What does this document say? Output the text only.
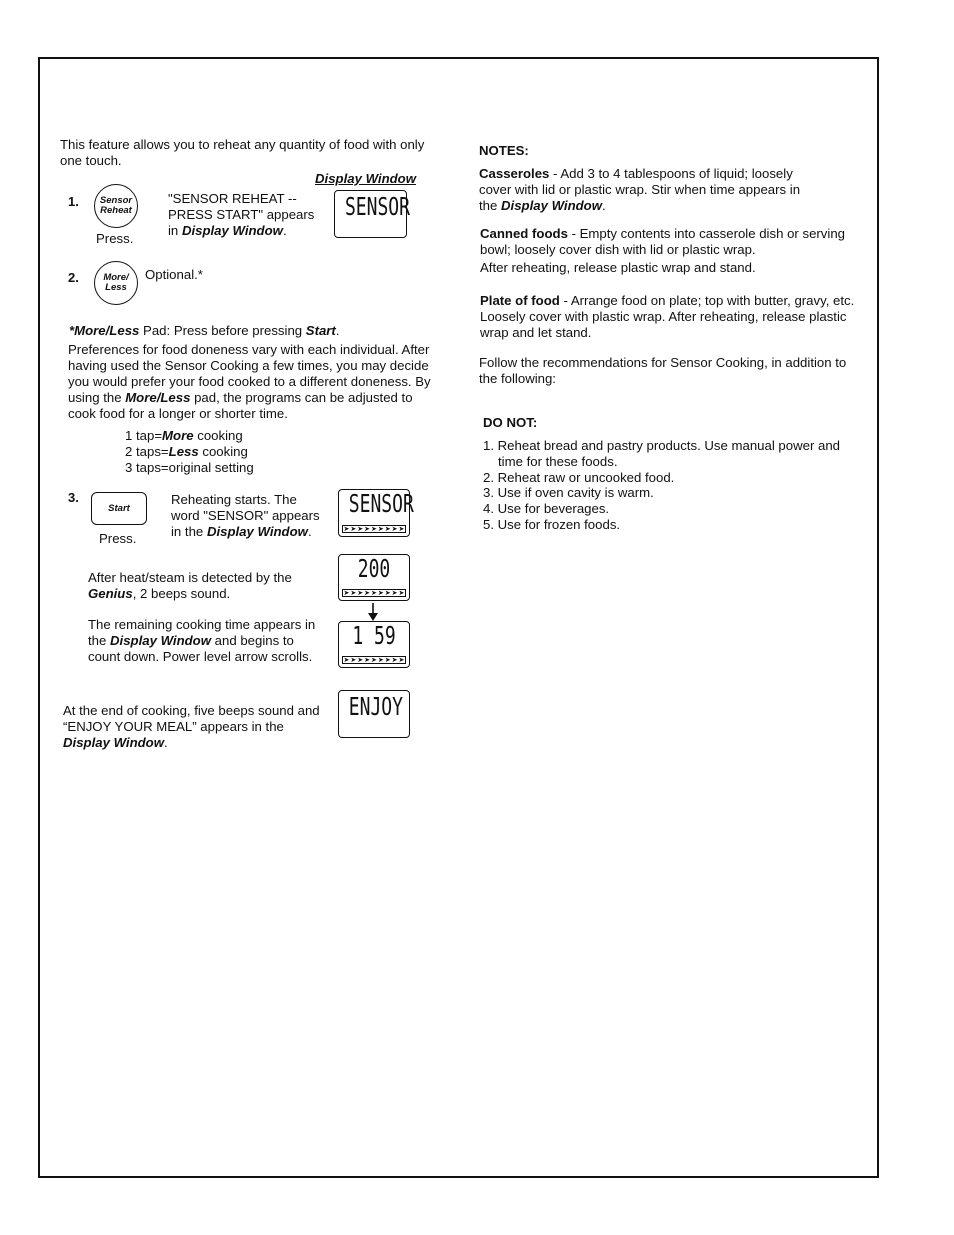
This feature allows you to reheat any quantity of food with only one touch.
Display Window
1. Sensor
Reheat
Press.
"SENSOR REHEAT -- PRESS START" appears in Display Window.
SENSOR
2.	More/
Less
Optional.*
*More/Less Pad: Press before pressing Start.
Preferences for food doneness vary with each individual. After having used the Sensor Cooking a few times, you may decide you would prefer your food cooked to a different doneness. By using the More/Less pad, the programs can be adjusted to cook food for a longer or shorter time.
1 tap=More cooking
2 taps=Less cooking
3 taps=original setting
3.
Start
Press.
Reheating starts. The word "SENSOR" appears in the Display Window.
SENSOR
➤ ➤ ➤ ➤ ➤ ➤ ➤ ➤ ➤
After heat/steam is detected by the Genius, 2 beeps sound.
200
➤ ➤ ➤ ➤ ➤ ➤ ➤ ➤ ➤
The remaining cooking time appears in the Display Window and begins to count down. Power level arrow scrolls.
1 59
➤ ➤ ➤ ➤ ➤ ➤ ➤ ➤ ➤
At the end of cooking, five beeps sound and “ENJOY YOUR MEAL” appears in the Display Window.
ENJOY
NOTES:
Casseroles - Add 3 to 4 tablespoons of liquid; loosely cover with lid or plastic wrap. Stir when time appears in the Display Window.
Canned foods - Empty contents into casserole dish or serving bowl; loosely cover dish with lid or plastic wrap.
After reheating, release plastic wrap and stand.
Plate of food - Arrange food on plate; top with butter, gravy, etc. Loosely cover with plastic wrap. After reheating, release plastic wrap and let stand.
Follow the recommendations for Sensor Cooking, in addition to the following:
DO NOT:
1. Reheat bread and pastry products. Use manual power and time for these foods.
2. Reheat raw or uncooked food.
3. Use if oven cavity is warm.
4. Use for beverages.
5. Use for frozen foods.
